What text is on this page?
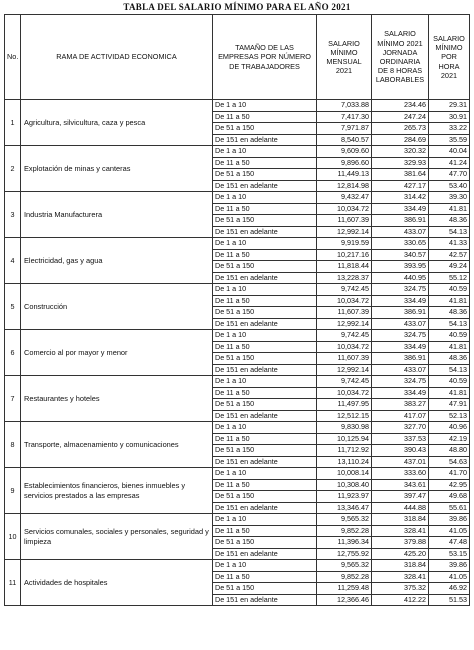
TABLA DEL SALARIO MÍNIMO PARA EL AÑO 2021
No.	RAMA DE ACTIVIDAD ECONOMICA	TAMAÑO DE LAS EMPRESAS POR NÚMERO DE TRABAJADORES	SALARIO MÍNIMO MENSUAL 2021	SALARIO MÍNIMO 2021 JORNADA ORDINARIA DE 8 HORAS LABORABLES	SALARIO MÍNIMO POR HORA 2021
1	Agricultura, silvicultura, caza y pesca	De 1 a 10	7,033.88	234.46	29.31
		De 11 a 50	7,417.30	247.24	30.91
		De 51 a 150	7,971.87	265.73	33.22
		De 151 en adelante	8,540.57	284.69	35.59
2	Explotación de minas y canteras	De 1 a 10	9,609.60	320.32	40.04
		De 11 a 50	9,896.60	329.93	41.24
		De 51 a 150	11,449.13	381.64	47.70
		De 151 en adelante	12,814.98	427.17	53.40
3	Industria Manufacturera	De 1 a 10	9,432.47	314.42	39.30
		De 11 a 50	10,034.72	334.49	41.81
		De 51 a 150	11,607.39	386.91	48.36
		De 151 en adelante	12,992.14	433.07	54.13
4	Electricidad, gas y agua	De 1 a 10	9,919.59	330.65	41.33
		De 11 a 50	10,217.16	340.57	42.57
		De 51 a 150	11,818.44	393.95	49.24
		De 151 en adelante	13,228.37	440.95	55.12
5	Construcción	De 1 a 10	9,742.45	324.75	40.59
		De 11 a 50	10,034.72	334.49	41.81
		De 51 a 150	11,607.39	386.91	48.36
		De 151 en adelante	12,992.14	433.07	54.13
6	Comercio al por mayor y menor	De 1 a 10	9,742.45	324.75	40.59
		De 11 a 50	10,034.72	334.49	41.81
		De 51 a 150	11,607.39	386.91	48.36
		De 151 en adelante	12,992.14	433.07	54.13
7	Restaurantes y hoteles	De 1 a 10	9,742.45	324.75	40.59
		De 11 a 50	10,034.72	334.49	41.81
		De 51 a 150	11,497.95	383.27	47.91
		De 151 en adelante	12,512.15	417.07	52.13
8	Transporte, almacenamiento y comunicaciones	De 1 a 10	9,830.98	327.70	40.96
		De 11 a 50	10,125.94	337.53	42.19
		De 51 a 150	11,712.92	390.43	48.80
		De 151 en adelante	13,110.24	437.01	54.63
9	Establecimientos financieros, bienes inmuebles y servicios prestados a las empresas	De 1 a 10	10,008.14	333.60	41.70
		De 11 a 50	10,308.40	343.61	42.95
		De 51 a 150	11,923.97	397.47	49.68
		De 151 en adelante	13,346.47	444.88	55.61
10	Servicios comunales, sociales y personales, seguridad y limpieza	De 1 a 10	9,565.32	318.84	39.86
		De 11 a 50	9,852.28	328.41	41.05
		De 51 a 150	11,396.34	379.88	47.48
		De 151 en adelante	12,755.92	425.20	53.15
11	Actividades de hospitales	De 1 a 10	9,565.32	318.84	39.86
		De 11 a 50	9,852.28	328.41	41.05
		De 51 a 150	11,259.48	375.32	46.92
		De 151 en adelante	12,366.46	412.22	51.53
